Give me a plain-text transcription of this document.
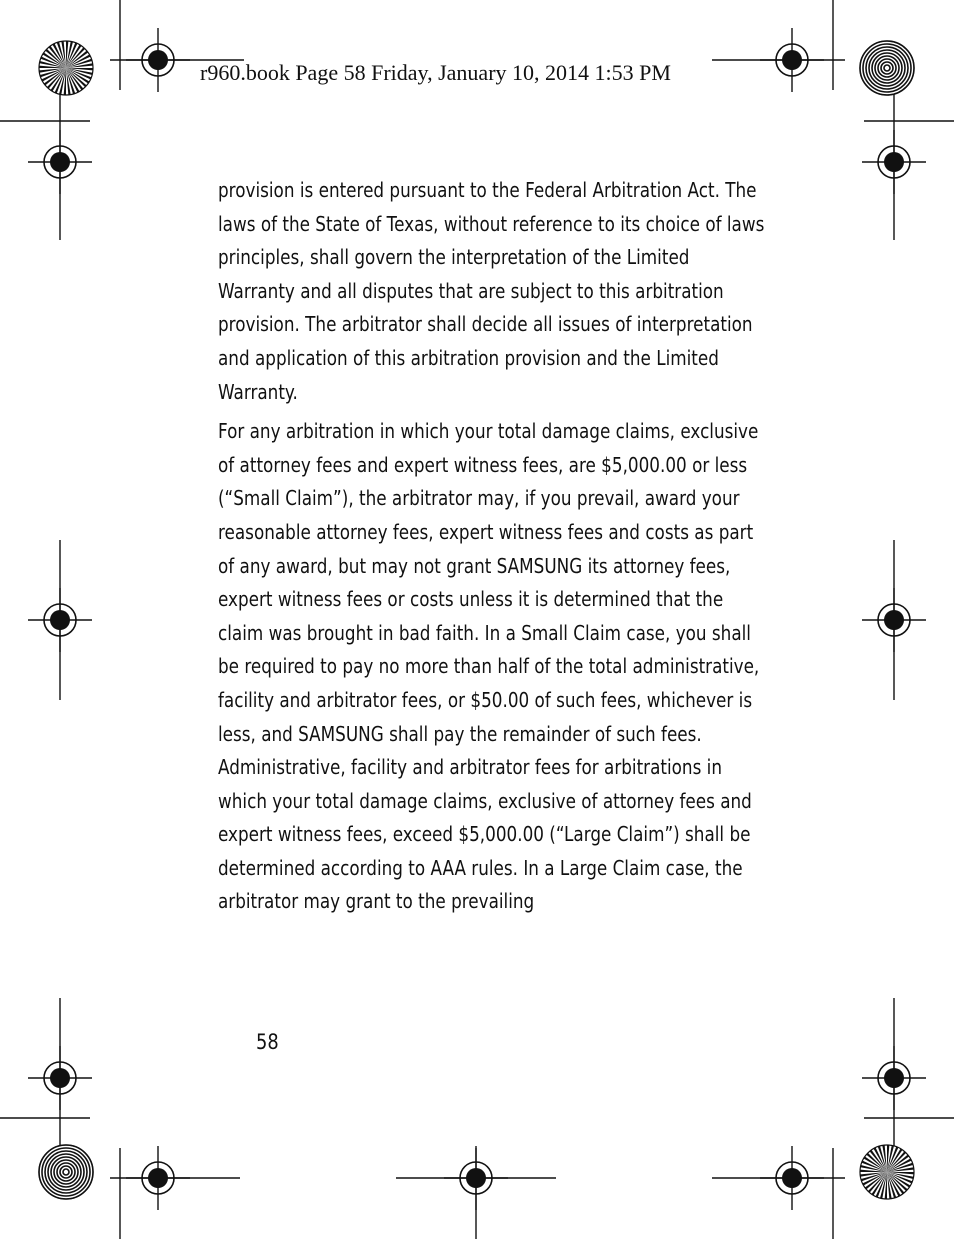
r960.book Page 58 Friday, January 10, 2014 1:53 PM

provision is entered pursuant to the Federal Arbitration Act. The laws of the State of Texas, without reference to its choice of laws principles, shall govern the interpretation of the Limited Warranty and all disputes that are subject to this arbitration provision. The arbitrator shall decide all issues of interpretation and application of this arbitration provision and the Limited Warranty.

For any arbitration in which your total damage claims, exclusive of attorney fees and expert witness fees, are $5,000.00 or less (“Small Claim”), the arbitrator may, if you prevail, award your reasonable attorney fees, expert witness fees and costs as part of any award, but may not grant SAMSUNG its attorney fees, expert witness fees or costs unless it is determined that the claim was brought in bad faith. In a Small Claim case, you shall be required to pay no more than half of the total administrative, facility and arbitrator fees, or $50.00 of such fees, whichever is less, and SAMSUNG shall pay the remainder of such fees. Administrative, facility and arbitrator fees for arbitrations in which your total damage claims, exclusive of attorney fees and expert witness fees, exceed $5,000.00 (“Large Claim”) shall be determined according to AAA rules. In a Large Claim case, the arbitrator may grant to the prevailing

58
